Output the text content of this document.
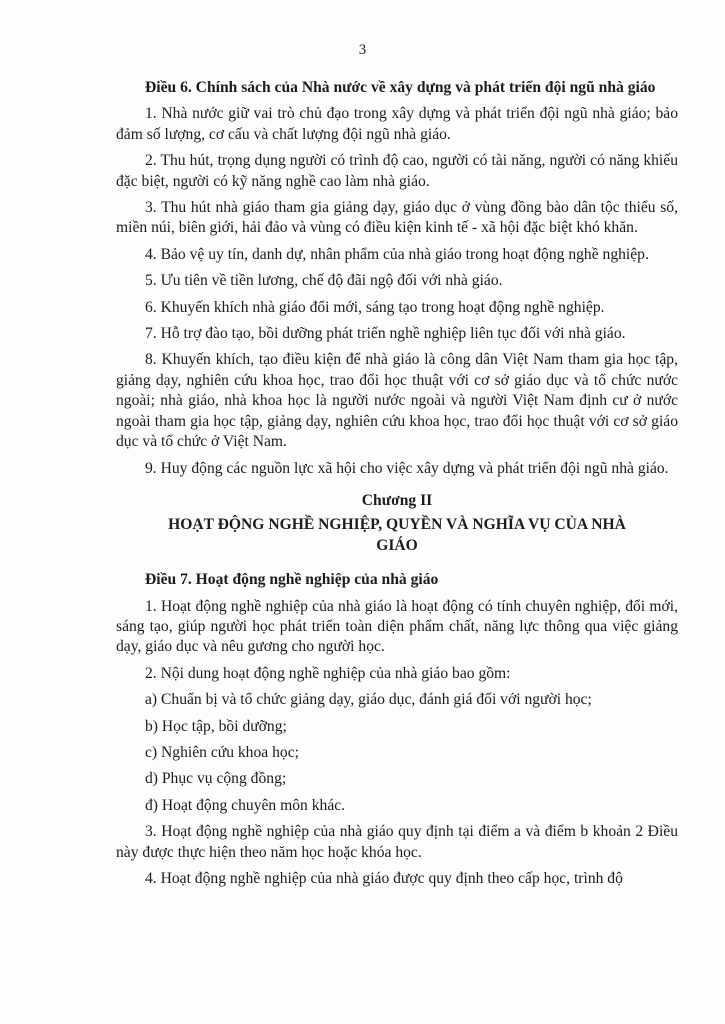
3
Điều 6. Chính sách của Nhà nước về xây dựng và phát triển đội ngũ nhà giáo

1. Nhà nước giữ vai trò chủ đạo trong xây dựng và phát triển đội ngũ nhà giáo; bảo đảm số lượng, cơ cấu và chất lượng đội ngũ nhà giáo.

2. Thu hút, trọng dụng người có trình độ cao, người có tài năng, người có năng khiếu đặc biệt, người có kỹ năng nghề cao làm nhà giáo.

3. Thu hút nhà giáo tham gia giảng dạy, giáo dục ở vùng đồng bào dân tộc thiểu số, miền núi, biên giới, hải đảo và vùng có điều kiện kinh tế - xã hội đặc biệt khó khăn.

4. Bảo vệ uy tín, danh dự, nhân phẩm của nhà giáo trong hoạt động nghề nghiệp.

5. Ưu tiên về tiền lương, chế độ đãi ngộ đối với nhà giáo.

6. Khuyến khích nhà giáo đổi mới, sáng tạo trong hoạt động nghề nghiệp.

7. Hỗ trợ đào tạo, bồi dưỡng phát triển nghề nghiệp liên tục đối với nhà giáo.

8. Khuyến khích, tạo điều kiện để nhà giáo là công dân Việt Nam tham gia học tập, giảng dạy, nghiên cứu khoa học, trao đổi học thuật với cơ sở giáo dục và tổ chức nước ngoài; nhà giáo, nhà khoa học là người nước ngoài và người Việt Nam định cư ở nước ngoài tham gia học tập, giảng dạy, nghiên cứu khoa học, trao đổi học thuật với cơ sở giáo dục và tổ chức ở Việt Nam.

9. Huy động các nguồn lực xã hội cho việc xây dựng và phát triển đội ngũ nhà giáo.

Chương II
HOẠT ĐỘNG NGHỀ NGHIỆP, QUYỀN VÀ NGHĨA VỤ CỦA NHÀ GIÁO
Điều 7. Hoạt động nghề nghiệp của nhà giáo

1. Hoạt động nghề nghiệp của nhà giáo là hoạt động có tính chuyên nghiệp, đổi mới, sáng tạo, giúp người học phát triển toàn diện phẩm chất, năng lực thông qua việc giảng dạy, giáo dục và nêu gương cho người học.

2. Nội dung hoạt động nghề nghiệp của nhà giáo bao gồm:

a) Chuẩn bị và tổ chức giảng dạy, giáo dục, đánh giá đối với người học;

b) Học tập, bồi dưỡng;

c) Nghiên cứu khoa học;

d) Phục vụ cộng đồng;

đ) Hoạt động chuyên môn khác.

3. Hoạt động nghề nghiệp của nhà giáo quy định tại điểm a và điểm b khoản 2 Điều này được thực hiện theo năm học hoặc khóa học.

4. Hoạt động nghề nghiệp của nhà giáo được quy định theo cấp học, trình độ
